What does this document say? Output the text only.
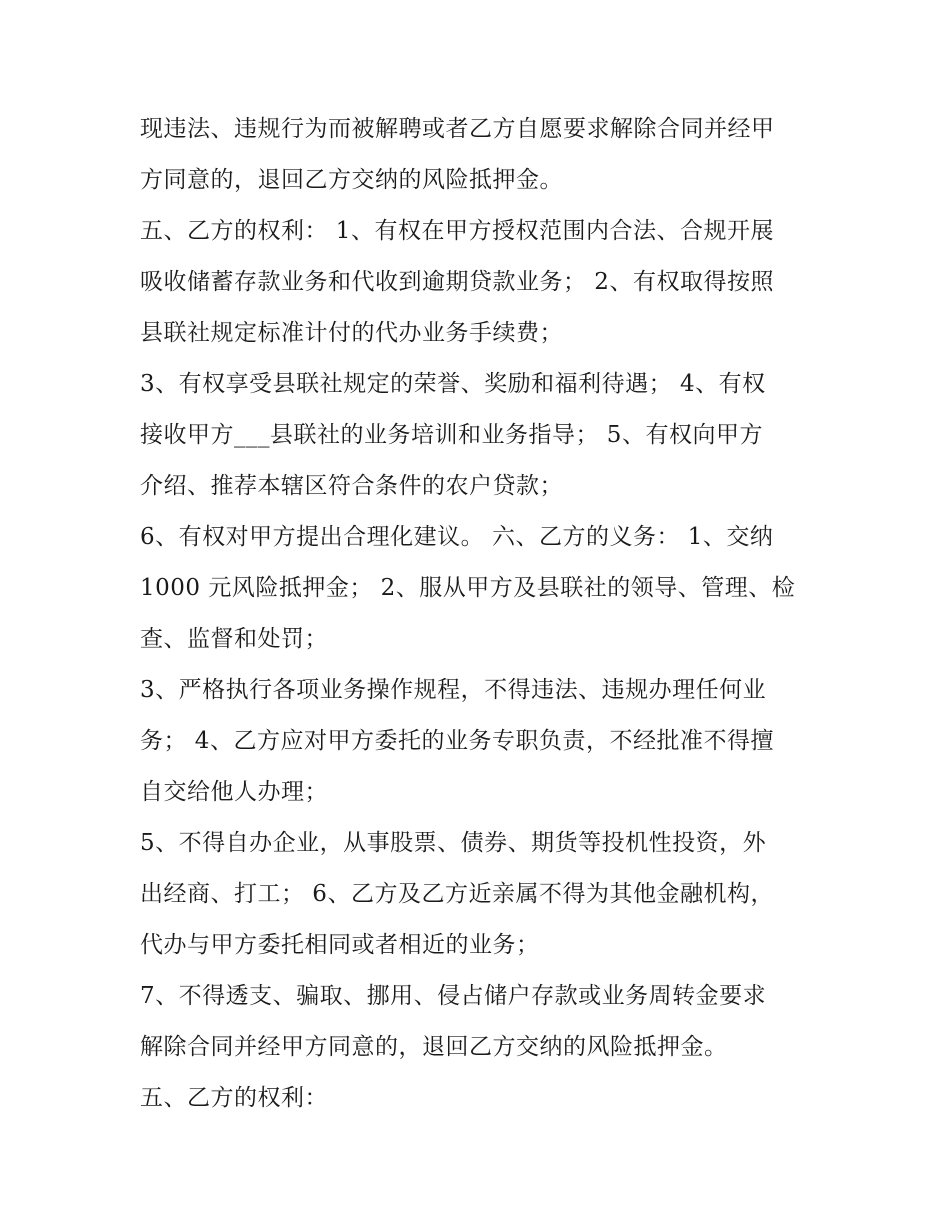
现违法、违规行为而被解聘或者乙方自愿要求解除合同并经甲
方同意的，退回乙方交纳的风险抵押金。
五、乙方的权利： 1、有权在甲方授权范围内合法、合规开展
吸收储蓄存款业务和代收到逾期贷款业务； 2、有权取得按照
县联社规定标准计付的代办业务手续费；
3、有权享受县联社规定的荣誉、奖励和福利待遇； 4、有权
接收甲方___县联社的业务培训和业务指导； 5、有权向甲方
介绍、推荐本辖区符合条件的农户贷款；
6、有权对甲方提出合理化建议。 六、乙方的义务： 1、交纳
1000 元风险抵押金； 2、服从甲方及县联社的领导、管理、检
查、监督和处罚；
3、严格执行各项业务操作规程，不得违法、违规办理任何业
务； 4、乙方应对甲方委托的业务专职负责，不经批准不得擅
自交给他人办理；
5、不得自办企业，从事股票、债券、期货等投机性投资，外
出经商、打工； 6、乙方及乙方近亲属不得为其他金融机构，
代办与甲方委托相同或者相近的业务；
7、不得透支、骗取、挪用、侵占储户存款或业务周转金要求
解除合同并经甲方同意的，退回乙方交纳的风险抵押金。
五、乙方的权利：
